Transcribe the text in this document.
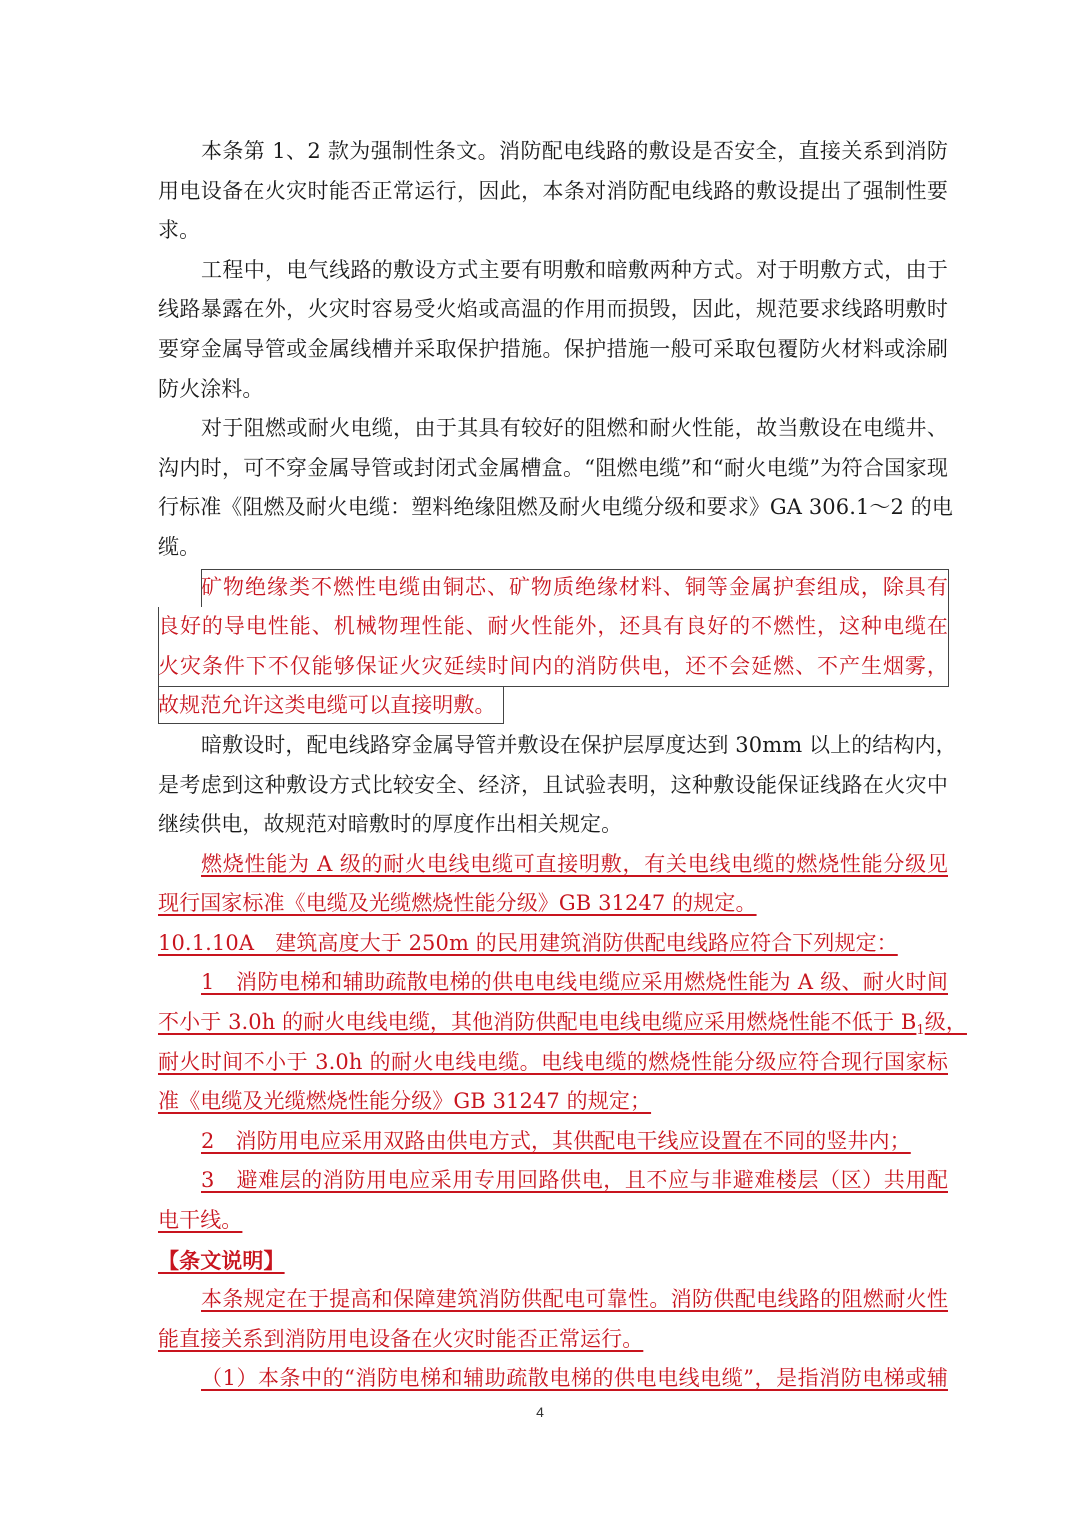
本条第 1、2 款为强制性条文。消防配电线路的敷设是否安全，直接关系到消防
用电设备在火灾时能否正常运行，因此，本条对消防配电线路的敷设提出了强制性要
求。
工程中，电气线路的敷设方式主要有明敷和暗敷两种方式。对于明敷方式，由于
线路暴露在外，火灾时容易受火焰或高温的作用而损毁，因此，规范要求线路明敷时
要穿金属导管或金属线槽并采取保护措施。保护措施一般可采取包覆防火材料或涂刷
防火涂料。
对于阻燃或耐火电缆，由于其具有较好的阻燃和耐火性能，故当敷设在电缆井、
沟内时，可不穿金属导管或封闭式金属槽盒。“阻燃电缆”和“耐火电缆”为符合国家现
行标准《阻燃及耐火电缆：塑料绝缘阻燃及耐火电缆分级和要求》GA 306.1～2 的电
缆。
矿物绝缘类不燃性电缆由铜芯、矿物质绝缘材料、铜等金属护套组成，除具有
良好的导电性能、机械物理性能、耐火性能外，还具有良好的不燃性，这种电缆在
火灾条件下不仅能够保证火灾延续时间内的消防供电，还不会延燃、不产生烟雾，
故规范允许这类电缆可以直接明敷。
暗敷设时，配电线路穿金属导管并敷设在保护层厚度达到 30mm 以上的结构内，
是考虑到这种敷设方式比较安全、经济，且试验表明，这种敷设能保证线路在火灾中
继续供电，故规范对暗敷时的厚度作出相关规定。
燃烧性能为 A 级的耐火电线电缆可直接明敷，有关电线电缆的燃烧性能分级见
现行国家标准《电缆及光缆燃烧性能分级》GB 31247 的规定。
10.1.10A　建筑高度大于 250m 的民用建筑消防供配电线路应符合下列规定：
1　消防电梯和辅助疏散电梯的供电电线电缆应采用燃烧性能为 A 级、耐火时间
不小于 3.0h 的耐火电线电缆，其他消防供配电电线电缆应采用燃烧性能不低于 $B_1$级，
耐火时间不小于 3.0h 的耐火电线电缆。电线电缆的燃烧性能分级应符合现行国家标
准《电缆及光缆燃烧性能分级》GB 31247 的规定；
2　消防用电应采用双路由供电方式，其供配电干线应设置在不同的竖井内；
3　避难层的消防用电应采用专用回路供电，且不应与非避难楼层（区）共用配
电干线。
【条文说明】
本条规定在于提高和保障建筑消防供配电可靠性。消防供配电线路的阻燃耐火性
能直接关系到消防用电设备在火灾时能否正常运行。
（1）本条中的“消防电梯和辅助疏散电梯的供电电线电缆”，是指消防电梯或辅
4
